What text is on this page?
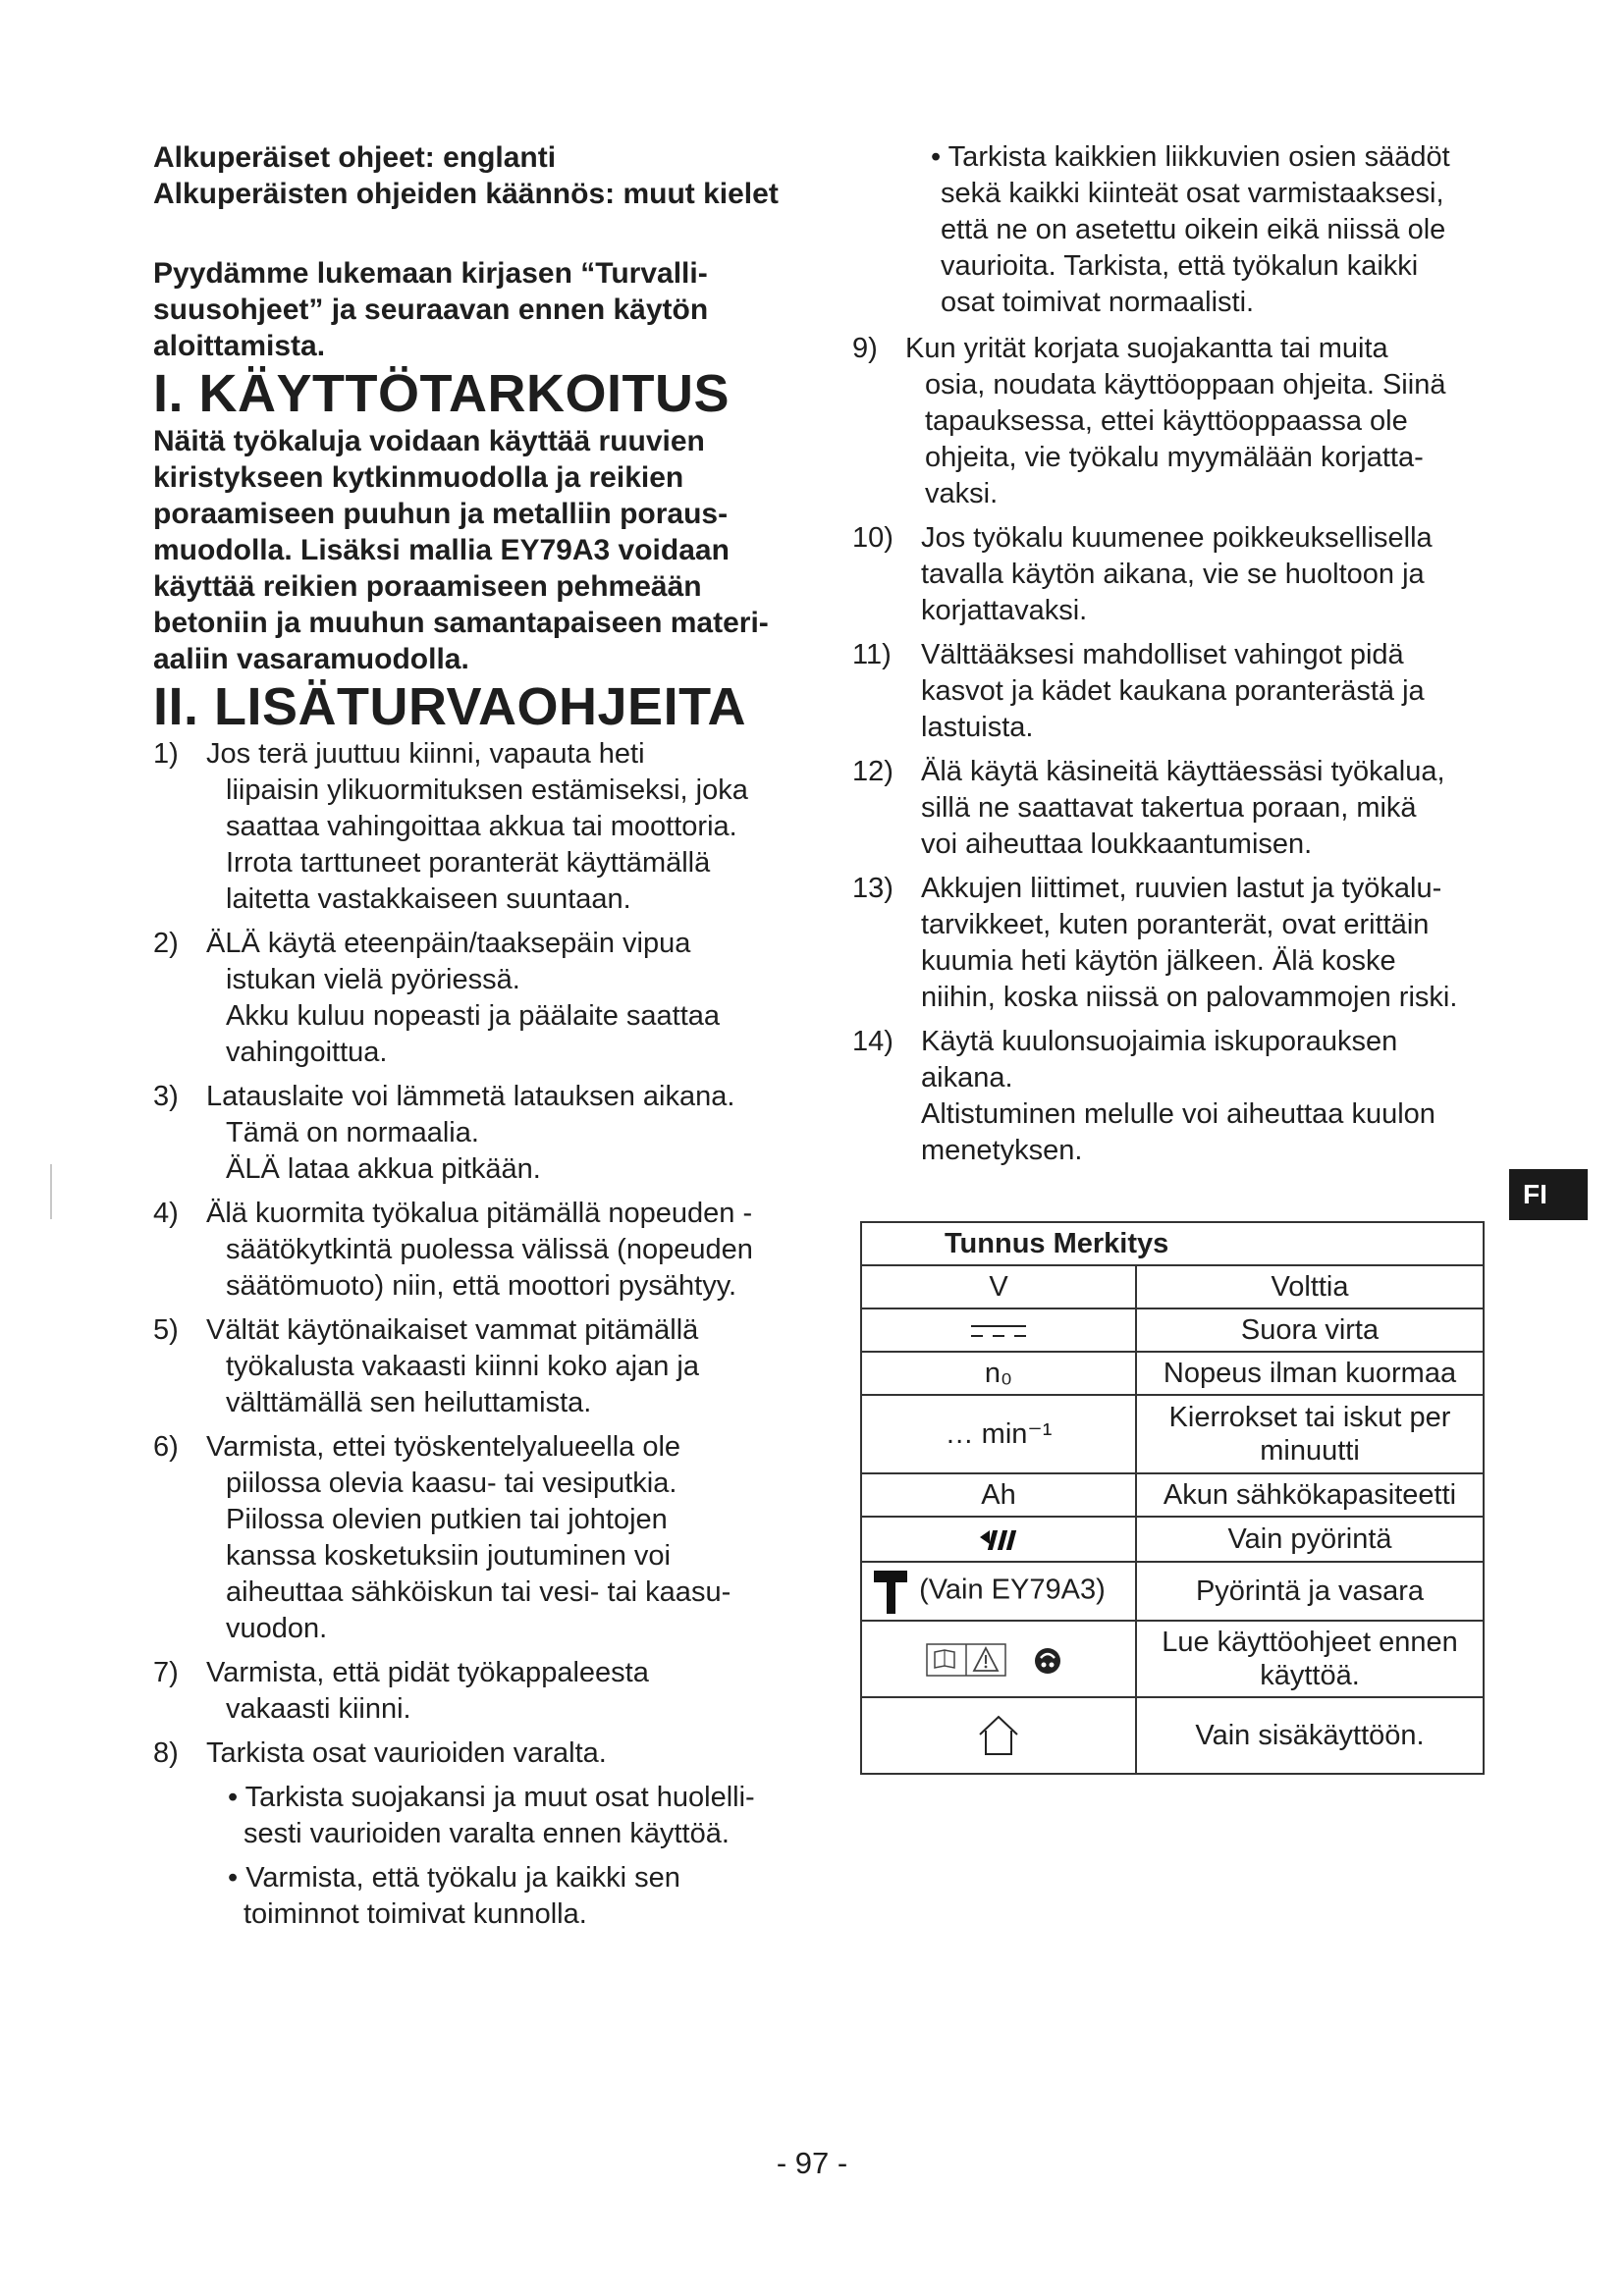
Alkuperäiset ohjeet: englanti

Alkuperäisten ohjeiden käännös: muut kielet

Pyydämme lukemaan kirjasen “Turvalli-
suusohjeet” ja seuraavan ennen käytön
aloittamista.
I. KÄYTTÖTARKOITUS
Näitä työkaluja voidaan käyttää ruuvien
kiristykseen kytkinmuodolla ja reikien
poraamiseen puuhun ja metalliin poraus-
muodolla. Lisäksi mallia EY79A3 voidaan
käyttää reikien poraamiseen pehmeään
betoniin ja muuhun samantapaiseen materi-
aaliin vasaramuodolla.
II. LISÄTURVAOHJEITA
1) Jos terä juuttuu kiinni, vapauta heti
liipaisin ylikuormituksen estämiseksi, joka
saattaa vahingoittaa akkua tai moottoria.
Irrota tarttuneet poranterät käyttämällä
laitetta vastakkaiseen suuntaan.
2) ÄLÄ käytä eteenpäin/taaksepäin vipua
istukan vielä pyöriessä.
Akku kuluu nopeasti ja päälaite saattaa
vahingoittua.
3) Latauslaite voi lämmetä latauksen aikana.
Tämä on normaalia.
ÄLÄ lataa akkua pitkään.
4) Älä kuormita työkalua pitämällä nopeuden -
säätökytkintä puolessa välissä (nopeuden
säätömuoto) niin, että moottori pysähtyy.
5) Vältät käytönaikaiset vammat pitämällä
työkalusta vakaasti kiinni koko ajan ja
välttämällä sen heiluttamista.
6) Varmista, ettei työskentelyalueella ole
piilossa olevia kaasu- tai vesiputkia.
Piilossa olevien putkien tai johtojen
kanssa kosketuksiin joutuminen voi
aiheuttaa sähköiskun tai vesi- tai kaasu-
vuodon.
7) Varmista, että pidät työkappaleesta
vakaasti kiinni.
8) Tarkista osat vaurioiden varalta.
• Tarkista suojakansi ja muut osat huolelli-
sesti vaurioiden varalta ennen käyttöä.
• Varmista, että työkalu ja kaikki sen
toiminnot toimivat kunnolla.
• Tarkista kaikkien liikkuvien osien säädöt
sekä kaikki kiinteät osat varmistaaksesi,
että ne on asetettu oikein eikä niissä ole
vaurioita. Tarkista, että työkalun kaikki
osat toimivat normaalisti.
9) Kun yrität korjata suojakantta tai muita
osia, noudata käyttöoppaan ohjeita. Siinä
tapauksessa, ettei käyttöoppaassa ole
ohjeita, vie työkalu myymälään korjatta-
vaksi.
10) Jos työkalu kuumenee poikkeuksellisella
tavalla käytön aikana, vie se huoltoon ja
korjattavaksi.
11)	Välttääksesi mahdolliset vahingot pidä
kasvot ja kädet kaukana poranterästä ja
lastuista.
12) Älä käytä käsineitä käyttäessäsi työkalua,
sillä ne saattavat takertua poraan, mikä
voi aiheuttaa loukkaantumisen.
13) Akkujen liittimet, ruuvien lastut ja työkalu-
tarvikkeet, kuten poranterät, ovat erittäin
kuumia heti käytön jälkeen. Älä koske
niihin, koska niissä on palovammojen riski.
14) Käytä kuulonsuojaimia iskuporauksen
aikana.
Altistuminen melulle voi aiheuttaa kuulon
menetyksen.
Tunnus Merkitys	
V	Volttia
	Suora virta
n₀	Nopeus ilman kuormaa
… min⁻¹	Kierrokset tai iskut per
minuutti

Ah	Akun sähkökapasiteetti
	Vain pyörintä
(Vain EY79A3)	Pyörintä ja vasara

Lue käyttöohjeet ennen
käyttöä.

	Vain sisäkäyttöön.
FI
- 97 -
